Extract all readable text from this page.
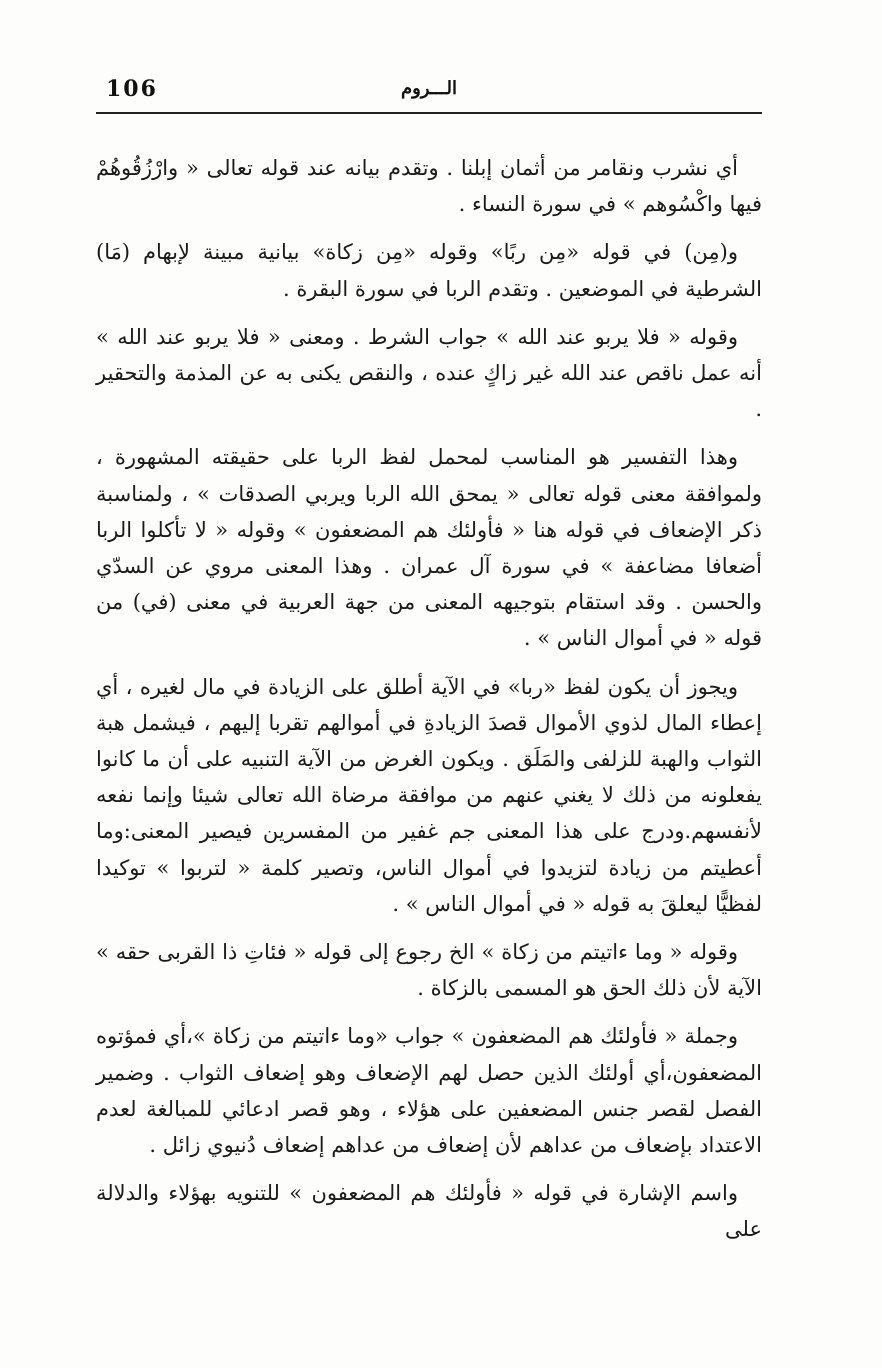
106	الـــروم

أي نشرب ونقامر من أثمان إبلنا . وتقدم بيانه عند قوله تعالى « وارْزُقُوهُمْ فيها واكْسُوهم » في سورة النساء .

و(مِن) في قوله «مِن ربًا» وقوله «مِن زكاة» بيانية مبينة لإبهام (مَا) الشرطية في الموضعين . وتقدم الربا في سورة البقرة .

وقوله « فلا يربو عند الله » جواب الشرط . ومعنى « فلا يربو عند الله » أنه عمل ناقص عند الله غير زاكٍ عنده ، والنقص يكنى به عن المذمة والتحقير .

وهذا التفسير هو المناسب لمحمل لفظ الربا على حقيقته المشهورة ، ولموافقة معنى قوله تعالى « يمحق الله الربا ويربي الصدقات » ، ولمناسبة ذكر الإضعاف في قوله هنا « فأولئك هم المضعفون » وقوله « لا تأكلوا الربا أضعافا مضاعفة » في سورة آل عمران . وهذا المعنى مروي عن السدّي والحسن . وقد استقام بتوجيهه المعنى من جهة العربية في معنى (في) من قوله « في أموال الناس » .

ويجوز أن يكون لفظ «ربا» في الآية أطلق على الزيادة في مال لغيره ، أي إعطاء المال لذوي الأموال قصدَ الزيادةِ في أموالهم تقربا إليهم ، فيشمل هبة الثواب والهبة للزلفى والمَلَق . ويكون الغرض من الآية التنبيه على أن ما كانوا يفعلونه من ذلك لا يغني عنهم من موافقة مرضاة الله تعالى شيئا وإنما نفعه لأنفسهم.ودرج على هذا المعنى جم غفير من المفسرين فيصير المعنى:وما أعطيتم من زيادة لتزيدوا في أموال الناس، وتصير كلمة « لتربوا » توكيدا لفظيًّا ليعلقَ به قوله « في أموال الناس » .

وقوله « وما ءاتيتم من زكاة » الخ رجوع إلى قوله « فئاتِ ذا القربى حقه » الآية لأن ذلك الحق هو المسمى بالزكاة .

وجملة « فأولئك هم المضعفون » جواب «وما ءاتيتم من زكاة »،أي فمؤتوه المضعفون،أي أولئك الذين حصل لهم الإضعاف وهو إضعاف الثواب . وضمير الفصل لقصر جنس المضعفين على هؤلاء ، وهو قصر ادعائي للمبالغة لعدم الاعتداد بإضعاف من عداهم لأن إضعاف من عداهم إضعاف دُنيوي زائل .

واسم الإشارة في قوله « فأولئك هم المضعفون » للتنويه بهؤلاء والدلالة على
